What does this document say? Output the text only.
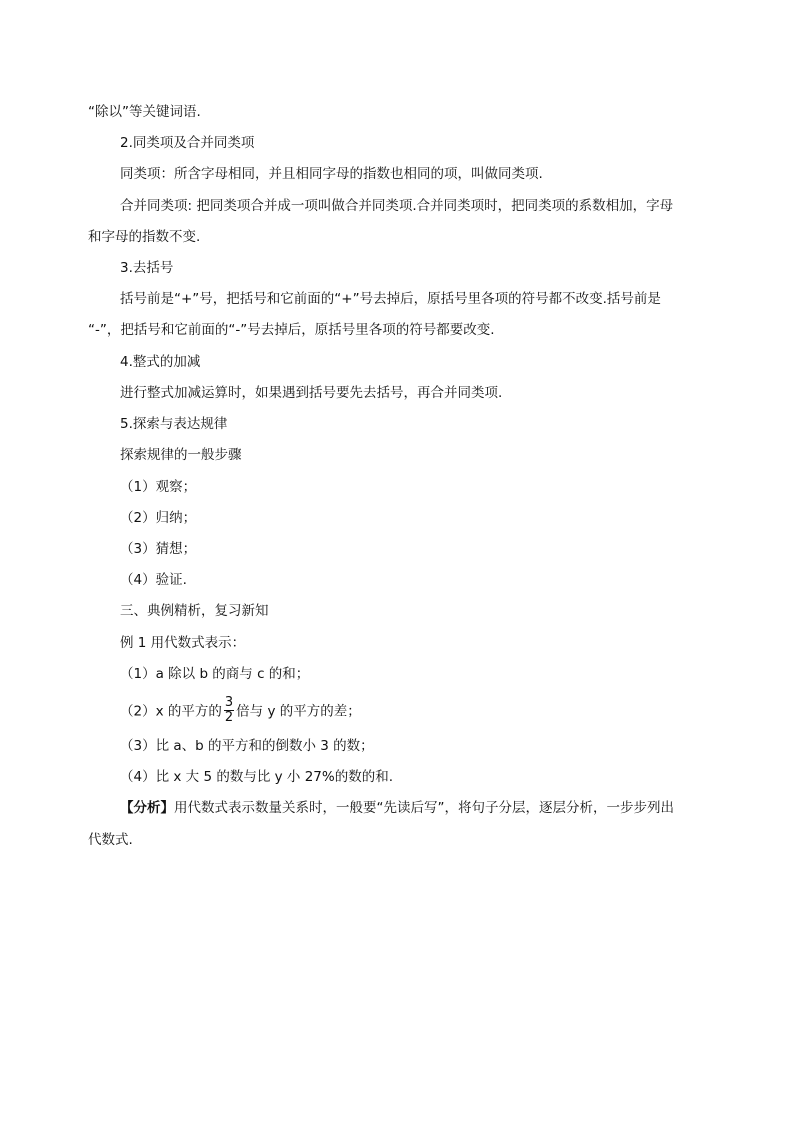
“除以”等关键词语.
2.同类项及合并同类项
同类项：所含字母相同，并且相同字母的指数也相同的项，叫做同类项.
合并同类项: 把同类项合并成一项叫做合并同类项.合并同类项时，把同类项的系数相加，字母
和字母的指数不变.
3.去括号
括号前是“+”号，把括号和它前面的“+”号去掉后，原括号里各项的符号都不改变.括号前是
“-”，把括号和它前面的“-”号去掉后，原括号里各项的符号都要改变.
4.整式的加减
进行整式加减运算时，如果遇到括号要先去括号，再合并同类项.
5.探索与表达规律
探索规律的一般步骤
（1）观察；
（2）归纳；
（3）猜想；
（4）验证.
三、典例精析，复习新知
例 1 用代数式表示：
（1）a 除以 b 的商与 c 的和；
（2）x 的平方的 $\frac{3}{2}$ 倍与 y 的平方的差；
（3）比 a、b 的平方和的倒数小 3 的数；
（4）比 x 大 5 的数与比 y 小 27%的数的和.
【分析】用代数式表示数量关系时，一般要“先读后写”，将句子分层，逐层分析，一步步列出
代数式.
